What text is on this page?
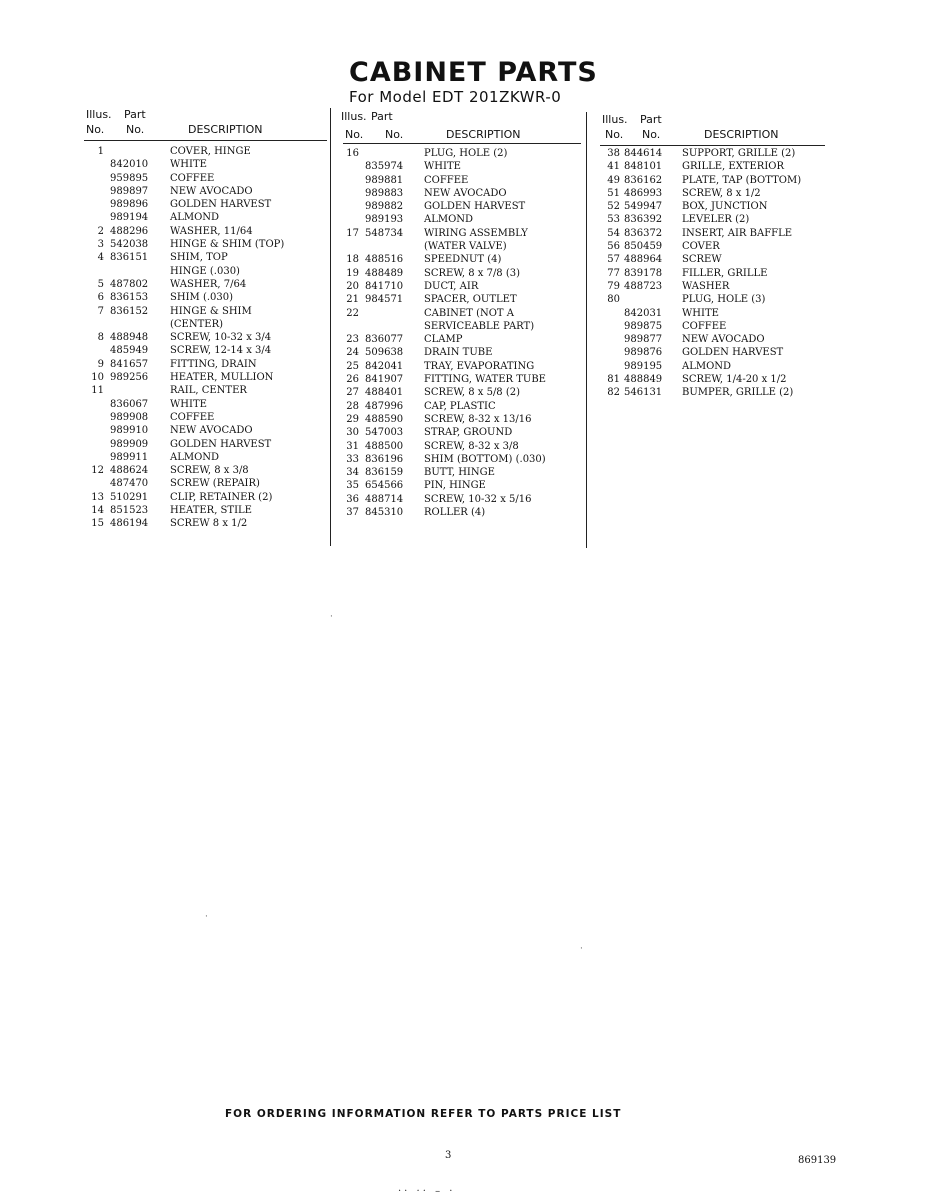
CABINET PARTS
For Model EDT 201ZKWR-0
Illus. Part
No. No.	DESCRIPTION
1	COVER, HINGE
842010 WHITE
959895 COFFEE
989897 NEW AVOCADO
989896 GOLDEN HARVEST
989194 ALMOND
2 488296 WASHER, 11/64
3 542038 HINGE & SHIM (TOP)
4 836151 SHIM, TOP
HINGE (.030)
5 487802 WASHER, 7/64
6 836153 SHIM (.030)
7 836152 HINGE & SHIM
(CENTER)
8 488948 SCREW, 10-32 x 3/4
485949 SCREW, 12-14 x 3/4
9 841657 FITTING, DRAIN
10 989256 HEATER, MULLION
11	RAIL, CENTER
836067 WHITE
989908 COFFEE
989910 NEW AVOCADO
989909 GOLDEN HARVEST
989911 ALMOND
12 488624 SCREW, 8 x 3/8
487470 SCREW (REPAIR)
13 510291 CLIP, RETAINER (2)
14 851523 HEATER, STILE
15 486194 SCREW 8 x 1/2
Illus. Part
No. No.	DESCRIPTION
16	PLUG, HOLE (2)
835974 WHITE
989881 COFFEE
989883 NEW AVOCADO
989882 GOLDEN HARVEST
989193 ALMOND
17 548734 WIRING ASSEMBLY
(WATER VALVE)
18 488516 SPEEDNUT (4)
19 488489 SCREW, 8 x 7/8 (3)
20 841710 DUCT, AIR
21 984571 SPACER, OUTLET
22	CABINET (NOT A
SERVICEABLE PART)
23 836077 CLAMP
24 509638 DRAIN TUBE
25 842041 TRAY, EVAPORATING
26 841907 FITTING, WATER TUBE
27 488401 SCREW, 8 x 5/8 (2)
28 487996 CAP, PLASTIC
29 488590 SCREW, 8-32 x 13/16
30 547003 STRAP, GROUND
31 488500 SCREW, 8-32 x 3/8
33 836196 SHIM (BOTTOM) (.030)
34 836159 BUTT, HINGE
35 654566 PIN, HINGE
36 488714 SCREW, 10-32 x 5/16
37 845310 ROLLER (4)
Illus. Part
No. No.	DESCRIPTION
38 844614 SUPPORT, GRILLE (2)
41 848101 GRILLE, EXTERIOR
49 836162 PLATE, TAP (BOTTOM)
51 486993 SCREW, 8 x 1/2
52 549947 BOX, JUNCTION
53 836392 LEVELER (2)
54 836372 INSERT, AIR BAFFLE
56 850459 COVER
57 488964 SCREW
77 839178 FILLER, GRILLE
79 488723 WASHER
80	PLUG, HOLE (3)
842031 WHITE
989875 COFFEE
989877 NEW AVOCADO
989876 GOLDEN HARVEST
989195 ALMOND
81 488849 SCREW, 1/4-20 x 1/2
82 546131 BUMPER, GRILLE (2)
·
·
·
FOR ORDERING INFORMATION REFER TO PARTS PRICE LIST
3	869139
·· ·· – ·
